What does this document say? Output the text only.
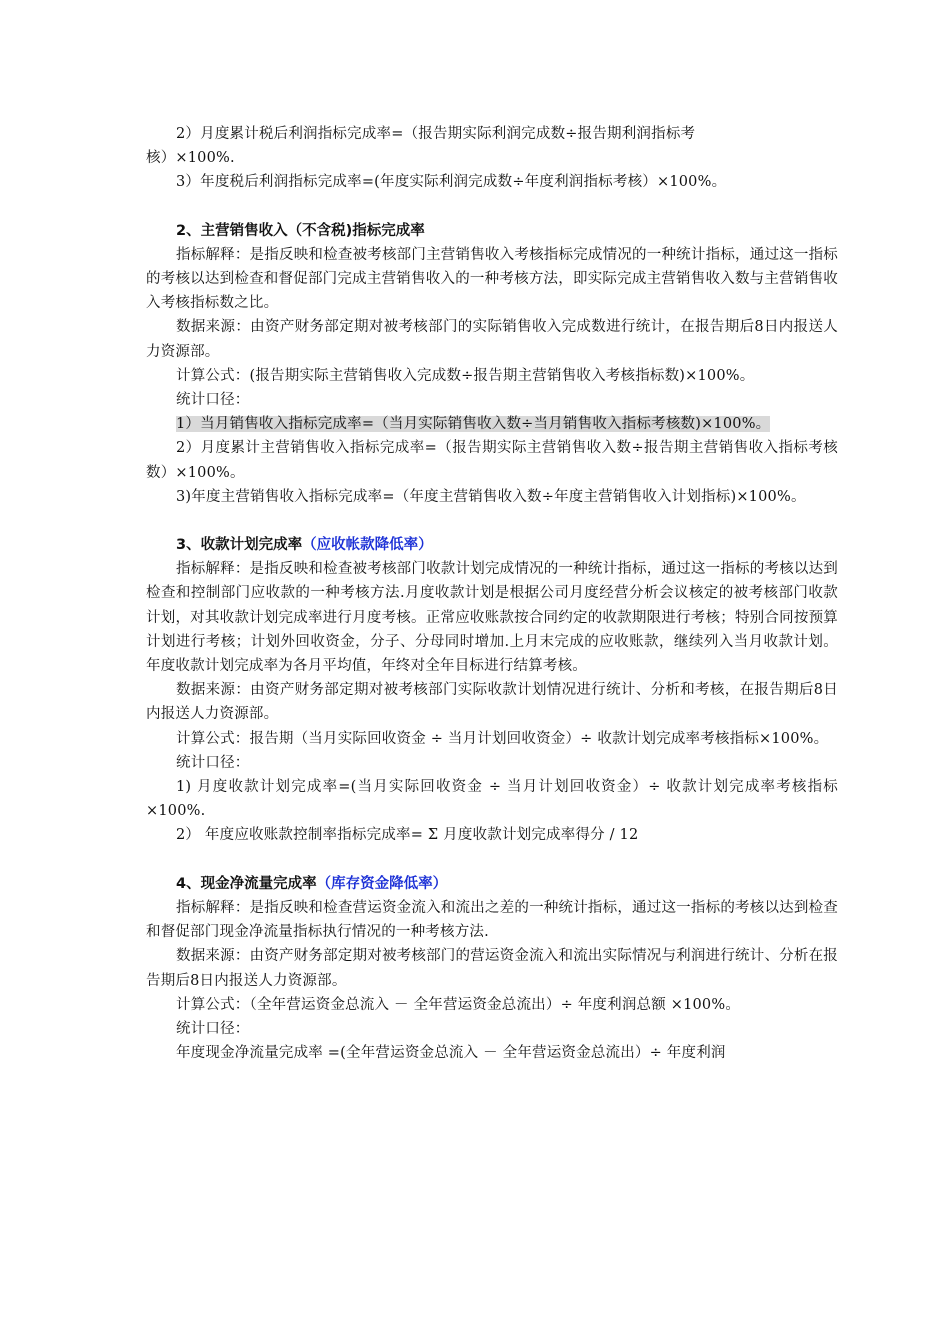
2）月度累计税后利润指标完成率=（报告期实际利润完成数÷报告期利润指标考

核）×100%.

3）年度税后利润指标完成率=(年度实际利润完成数÷年度利润指标考核）×100%。

2、主营销售收入（不含税)指标完成率

指标解释：是指反映和检查被考核部门主营销售收入考核指标完成情况的一种统计指标，通过这一指标的考核以达到检查和督促部门完成主营销售收入的一种考核方法，即实际完成主营销售收入数与主营销售收入考核指标数之比。

数据来源：由资产财务部定期对被考核部门的实际销售收入完成数进行统计，在报告期后8日内报送人力资源部。

计算公式：(报告期实际主营销售收入完成数÷报告期主营销售收入考核指标数)×100%。

统计口径：

1）当月销售收入指标完成率=（当月实际销售收入数÷当月销售收入指标考核数)×100%。

2）月度累计主营销售收入指标完成率=（报告期实际主营销售收入数÷报告期主营销售收入指标考核数）×100%。

3)年度主营销售收入指标完成率=（年度主营销售收入数÷年度主营销售收入计划指标)×100%。

3、收款计划完成率（应收帐款降低率）

指标解释：是指反映和检查被考核部门收款计划完成情况的一种统计指标，通过这一指标的考核以达到检查和控制部门应收款的一种考核方法.月度收款计划是根据公司月度经营分析会议核定的被考核部门收款计划，对其收款计划完成率进行月度考核。正常应收账款按合同约定的收款期限进行考核；特别合同按预算计划进行考核；计划外回收资金，分子、分母同时增加.上月末完成的应收账款，继续列入当月收款计划。年度收款计划完成率为各月平均值，年终对全年目标进行结算考核。

数据来源：由资产财务部定期对被考核部门实际收款计划情况进行统计、分析和考核，在报告期后8日内报送人力资源部。

计算公式：报告期（当月实际回收资金 ÷ 当月计划回收资金）÷ 收款计划完成率考核指标×100%。

统计口径：

1) 月度收款计划完成率=(当月实际回收资金 ÷ 当月计划回收资金）÷ 收款计划完成率考核指标×100%.

2） 年度应收账款控制率指标完成率= Σ 月度收款计划完成率得分 / 12

4、现金净流量完成率（库存资金降低率）

指标解释：是指反映和检查营运资金流入和流出之差的一种统计指标，通过这一指标的考核以达到检查和督促部门现金净流量指标执行情况的一种考核方法.

数据来源：由资产财务部定期对被考核部门的营运资金流入和流出实际情况与利润进行统计、分析在报告期后8日内报送人力资源部。

计算公式：（全年营运资金总流入 － 全年营运资金总流出）÷ 年度利润总额 ×100%。

统计口径：

年度现金净流量完成率 =(全年营运资金总流入 － 全年营运资金总流出）÷ 年度利润
